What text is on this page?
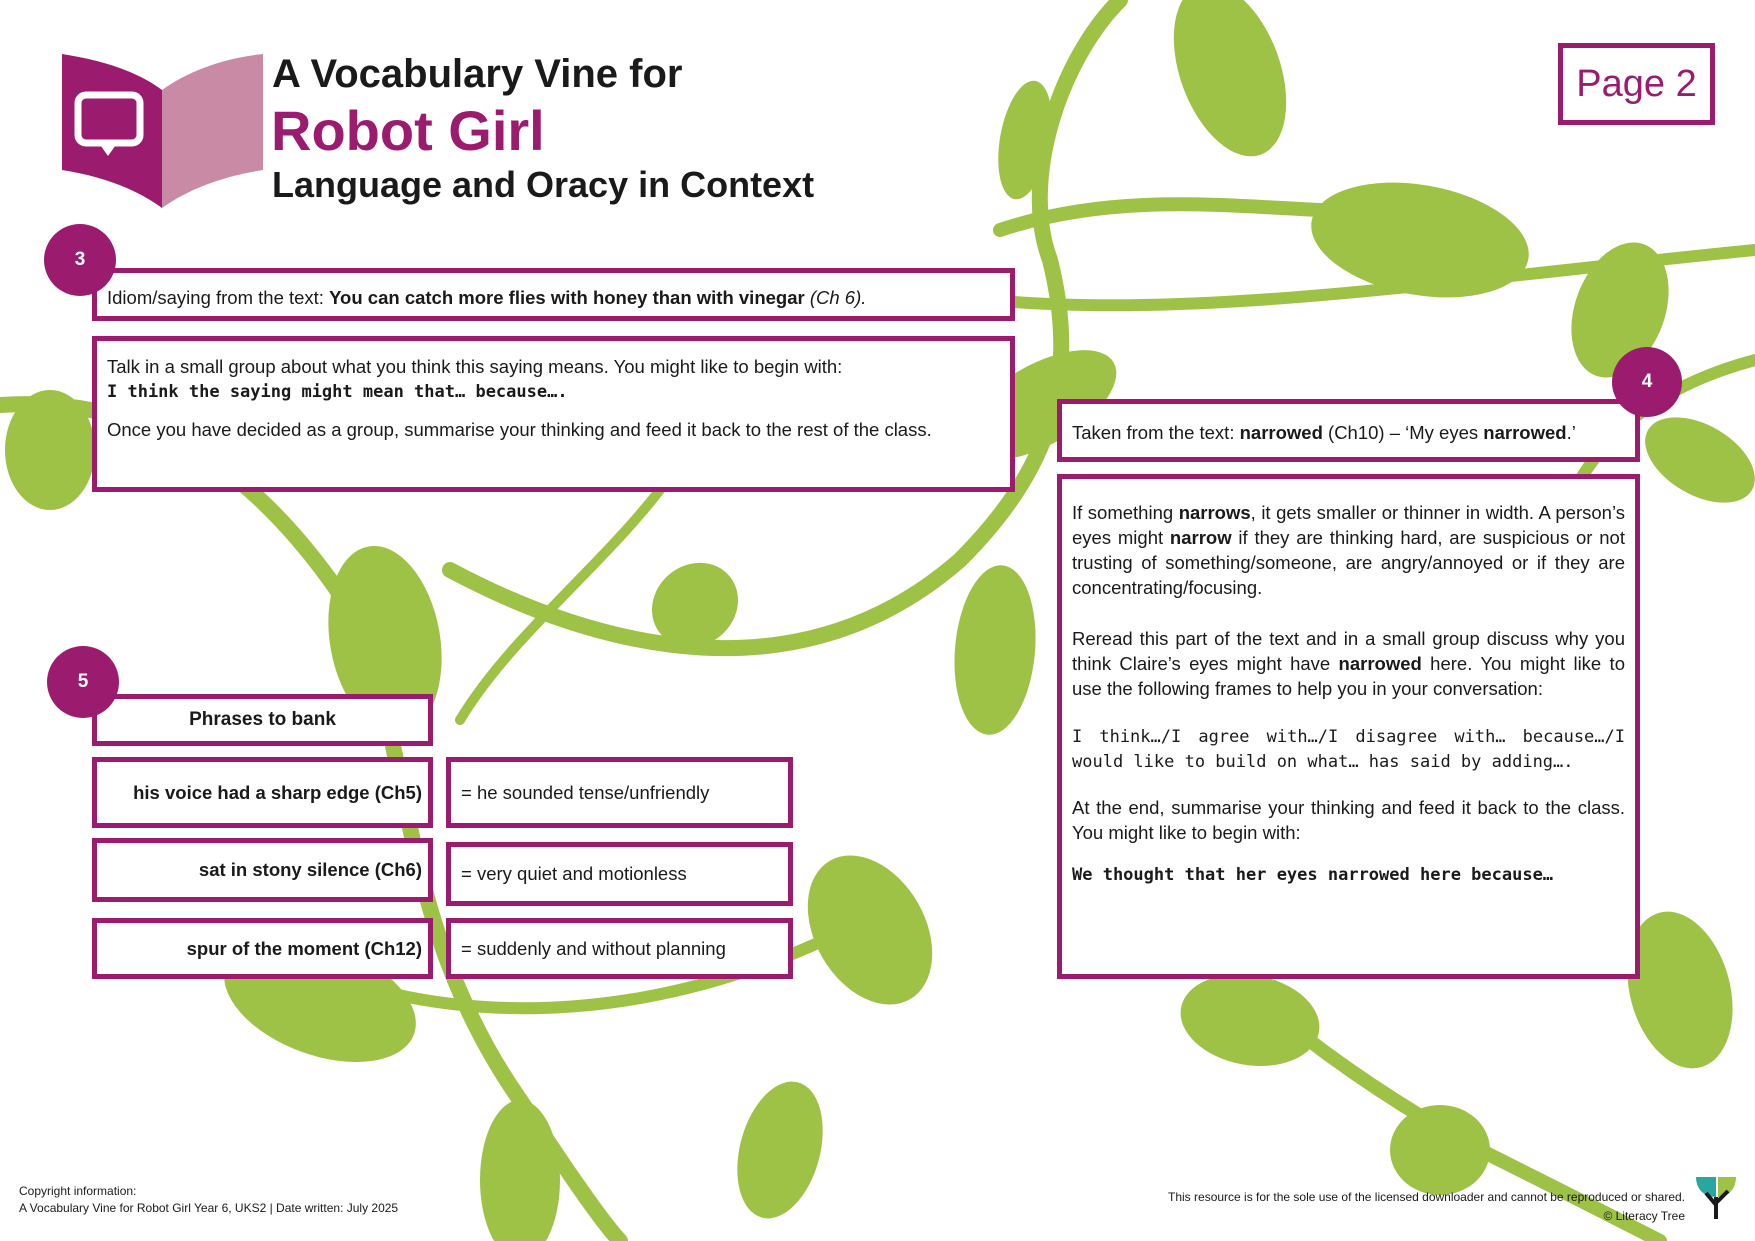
A Vocabulary Vine for
Robot Girl
Language and Oracy in Context
Page 2
3

Idiom/saying from the text: You can catch more flies with honey than with vinegar (Ch 6).

Talk in a small group about what you think this saying means. You might like to begin with:

I think the saying might mean that… because….

Once you have decided as a group, summarise your thinking and feed it back to the rest of the class.

4

Taken from the text: narrowed (Ch10) – ‘My eyes narrowed.’

If something narrows, it gets smaller or thinner in width. A person’s eyes might narrow if they are thinking hard, are suspicious or not trusting of something/someone, are angry/annoyed or if they are concentrating/focusing.

Reread this part of the text and in a small group discuss why you think Claire’s eyes might have narrowed here. You might like to use the following frames to help you in your conversation:

I think…/I agree with…/I disagree with… because…/I would like to build on what… has said by adding….

At the end, summarise your thinking and feed it back to the class. You might like to begin with:

We thought that her eyes narrowed here because…

5
Phrases to bank
his voice had a sharp edge (Ch5) = he sounded tense/unfriendly
sat in stony silence (Ch6) = very quiet and motionless
spur of the moment (Ch12) = suddenly and without planning
Copyright information:
A Vocabulary Vine for Robot Girl Year 6, UKS2 | Date written: July 2025
This resource is for the sole use of the licensed downloader and cannot be reproduced or shared.
© Literacy Tree
